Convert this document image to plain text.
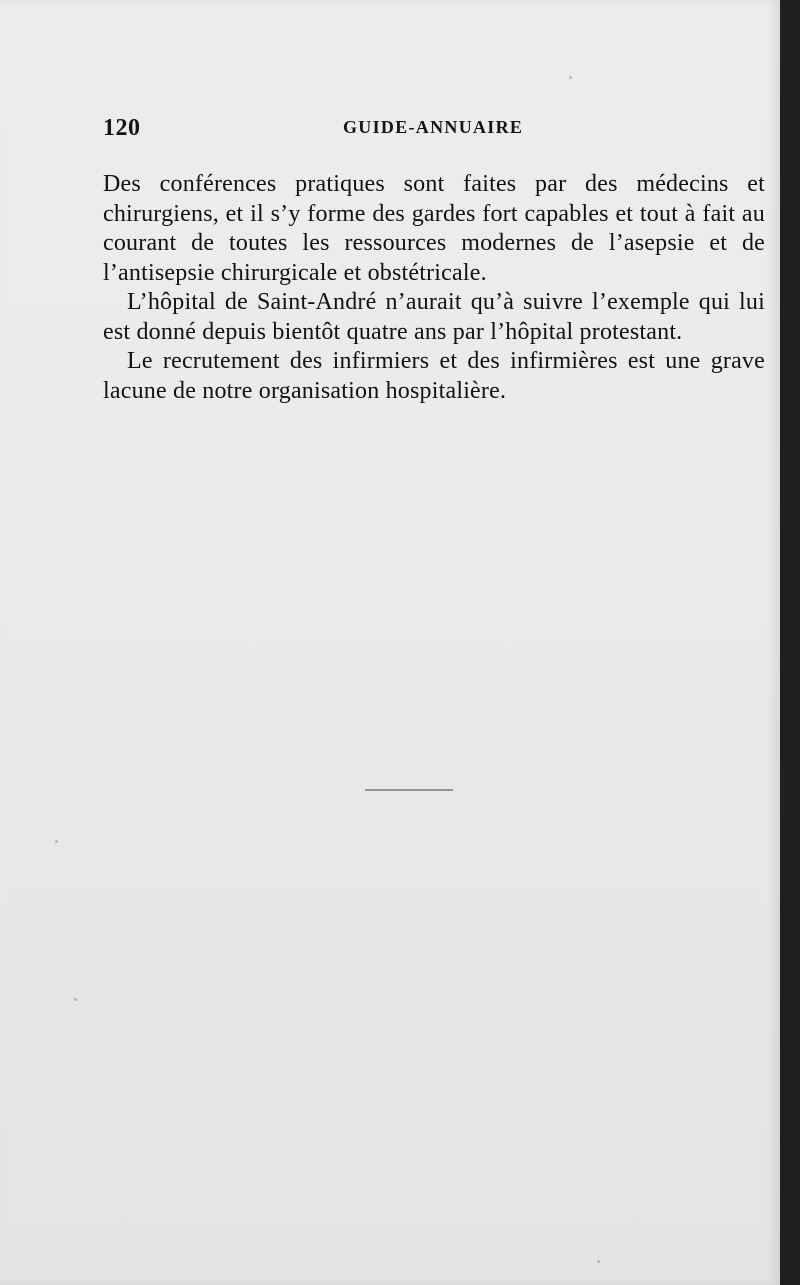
120	GUIDE-ANNUAIRE

Des conférences pratiques sont faites par des médecins et chirurgiens, et il s’y forme des gardes fort capables et tout à fait au courant de toutes les ressources modernes de l’asepsie et de l’antisepsie chirurgicale et obstétricale.

L’hôpital de Saint-André n’aurait qu’à suivre l’exemple qui lui est donné depuis bientôt quatre ans par l’hôpital protestant.

Le recrutement des infirmiers et des infirmières est une grave lacune de notre organisation hospitalière.
